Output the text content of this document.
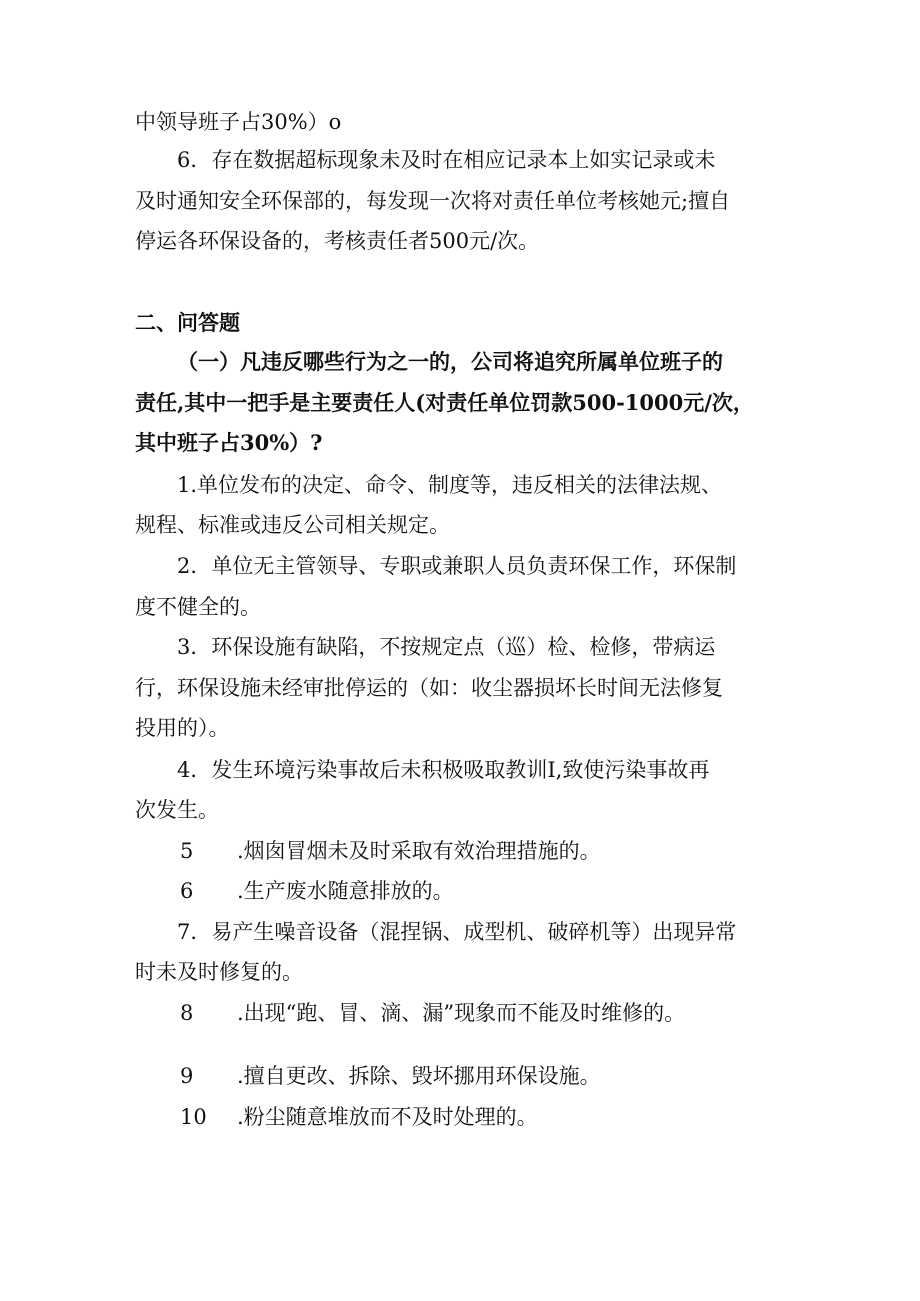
中领导班子占30%）o
6．存在数据超标现象未及时在相应记录本上如实记录或未
及时通知安全环保部的，每发现一次将对责任单位考核她元;擅自
停运各环保设备的，考核责任者500元/次。
二、问答题
（一）凡违反哪些行为之一的，公司将追究所属单位班子的
责任,其中一把手是主要责任人(对责任单位罚款500-1000元/次，
其中班子占30%）?
1.单位发布的决定、命令、制度等，违反相关的法律法规、
规程、标准或违反公司相关规定。
2．单位无主管领导、专职或兼职人员负责环保工作，环保制
度不健全的。
3．环保设施有缺陷，不按规定点（巡）检、检修，带病运
行，环保设施未经审批停运的（如：收尘器损坏长时间无法修复
投用的）。
4．发生环境污染事故后未积极吸取教训I,致使污染事故再
次发生。
5 .烟囱冒烟未及时采取有效治理措施的。
6 .生产废水随意排放的。
7．易产生噪音设备（混捏锅、成型机、破碎机等）出现异常
时未及时修复的。
8 .出现“跑、冒、滴、漏”现象而不能及时维修的。
9 .擅自更改、拆除、毁坏挪用环保设施。
10 .粉尘随意堆放而不及时处理的。
